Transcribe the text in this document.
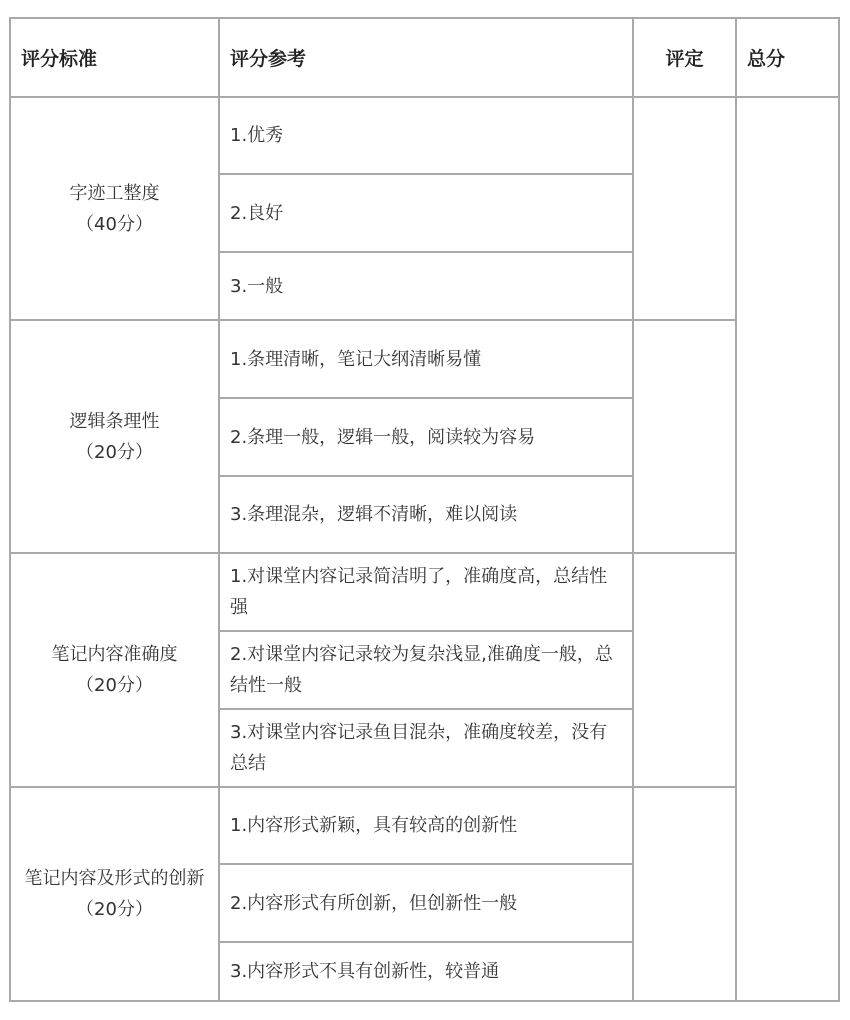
评分标准	评分参考	评定	总分

字迹工整度
（40分）	1.优秀		
	2.良好		
	3.一般		

逻辑条理性
（20分）	1.条理清晰，笔记大纲清晰易懂		
	2.条理一般，逻辑一般，阅读较为容易		
	3.条理混杂，逻辑不清晰，难以阅读		

笔记内容准确度
（20分）	1.对课堂内容记录简洁明了，准确度高，总结性强		
	2.对课堂内容记录较为复杂浅显,准确度一般，总结性一般		
	3.对课堂内容记录鱼目混杂，准确度较差，没有总结		

笔记内容及形式的创新
（20分）	1.内容形式新颖，具有较高的创新性		
	2.内容形式有所创新，但创新性一般		
	3.内容形式不具有创新性，较普通		
